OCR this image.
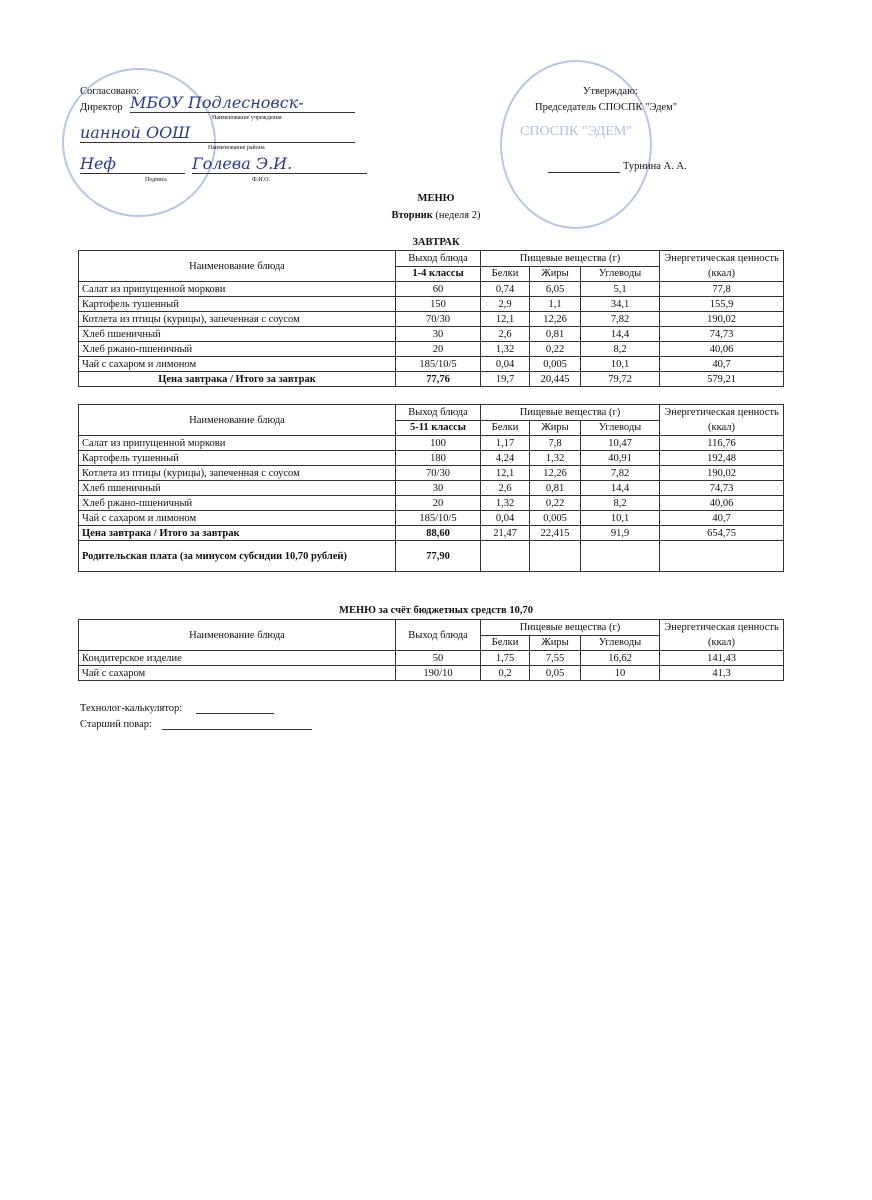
СПОСПК "ЭДЕМ"
Согласовано:
Директор МБОУ Подлесновск-
Наименование учреждения
ианной ООШ
Наименование района
Неф	Голева Э.И.
Подпись	Ф.И.О.
Утверждаю:
Председатель СПОСПК "Эдем"
Турнина А. А.
МЕНЮ
Вторник (неделя 2)
ЗАВТРАК
Наименование блюда	Выход блюда	Пищевые вещества (г)			Энергетическая ценность (ккал)
	1-4 классы	Белки	Жиры	Углеводы	
Салат из припущенной моркови	60	0,74	6,05	5,1	77,8
Картофель тушенный	150	2,9	1,1	34,1	155,9
Котлета из птицы (курицы), запеченная с соусом	70/30	12,1	12,26	7,82	190,02
Хлеб пшеничный	30	2,6	0,81	14,4	74,73
Хлеб ржано-пшеничный	20	1,32	0,22	8,2	40,06
Чай с сахаром и лимоном	185/10/5	0,04	0,005	10,1	40,7
Цена завтрака / Итого за завтрак	77,76	19,7	20,445	79,72	579,21
Наименование блюда	Выход блюда	Пищевые вещества (г)			Энергетическая ценность (ккал)
	5-11 классы	Белки	Жиры	Углеводы	
Салат из припущенной моркови	100	1,17	7,8	10,47	116,76
Картофель тушенный	180	4,24	1,32	40,91	192,48
Котлета из птицы (курицы), запеченная с соусом	70/30	12,1	12,26	7,82	190,02
Хлеб пшеничный	30	2,6	0,81	14,4	74,73
Хлеб ржано-пшеничный	20	1,32	0,22	8,2	40,06
Чай с сахаром и лимоном	185/10/5	0,04	0,005	10,1	40,7
Цена завтрака / Итого за завтрак	88,60	21,47	22,415	91,9	654,75
Родительская плата (за минусом субсидии 10,70 рублей)	77,90				
МЕНЮ за счёт бюджетных средств 10,70
Наименование блюда	Выход блюда	Пищевые вещества (г)			Энергетическая ценность (ккал)
		Белки	Жиры	Углеводы	
Кондитерское изделие	50	1,75	7,55	16,62	141,43
Чай с сахаром	190/10	0,2	0,05	10	41,3
Технолог-калькулятор:
Старший повар:
